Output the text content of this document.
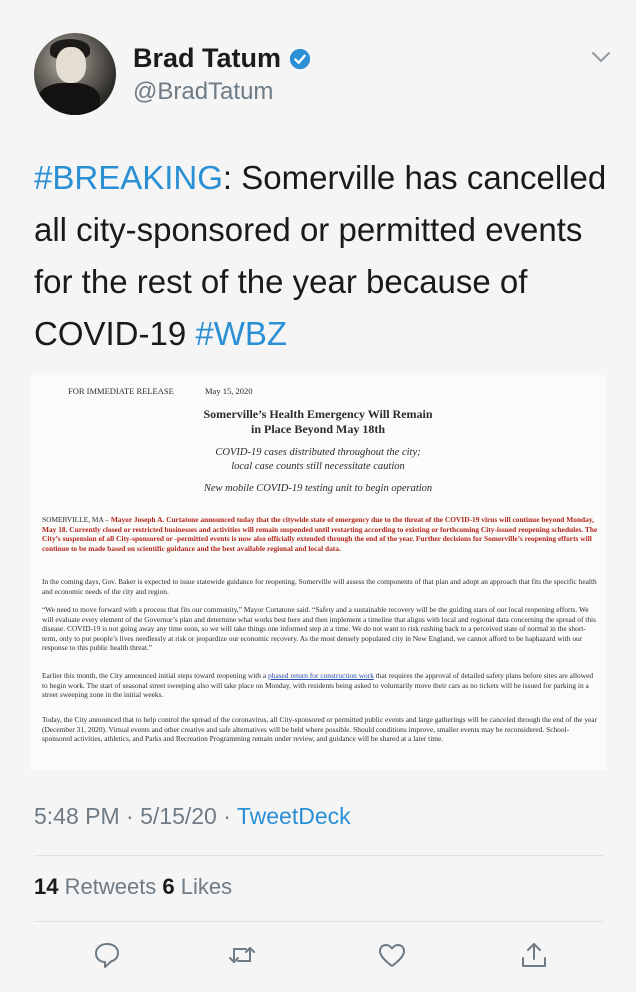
Brad Tatum
@BradTatum
#BREAKING: Somerville has cancelled all city-sponsored or permitted events for the rest of the year because of COVID-19 #WBZ
FOR IMMEDIATE RELEASE	May 15, 2020
Somerville’s Health Emergency Will Remain
in Place Beyond May 18th
COVID-19 cases distributed throughout the city;
local case counts still necessitate caution
New mobile COVID-19 testing unit to begin operation

SOMERVILLE, MA – Mayor Joseph A. Curtatone announced today that the citywide state of emergency due to the threat of the COVID-19 virus will continue beyond Monday, May 18. Currently closed or restricted businesses and activities will remain suspended until restarting according to existing or forthcoming City-issued reopening schedules. The City’s suspension of all City-sponsored or -permitted events is now also officially extended through the end of the year. Further decisions for Somerville’s reopening efforts will continue to be made based on scientific guidance and the best available regional and local data.

In the coming days, Gov. Baker is expected to issue statewide guidance for reopening. Somerville will assess the components of that plan and adopt an approach that fits the specific health and economic needs of the city and region.

“We need to move forward with a process that fits our community,” Mayor Curtatone said. “Safety and a sustainable recovery will be the guiding stars of our local reopening efforts. We will evaluate every element of the Governor’s plan and determine what works best here and then implement a timeline that aligns with local and regional data concerning the spread of this disease. COVID-19 is not going away any time soon, so we will take things one informed step at a time. We do not want to risk rushing back to a perceived state of normal in the short-term, only to put people’s lives needlessly at risk or jeopardize our economic recovery. As the most densely populated city in New England, we cannot afford to be haphazard with our response to this public health threat.”

Earlier this month, the City announced initial steps toward reopening with a phased return for construction work that requires the approval of detailed safety plans before sites are allowed to begin work. The start of seasonal street sweeping also will take place on Monday, with residents being asked to voluntarily move their cars as no tickets will be issued for parking in a street sweeping zone in the initial weeks.

Today, the City announced that to help control the spread of the coronavirus, all City-sponsored or permitted public events and large gatherings will be canceled through the end of the year (December 31, 2020). Virtual events and other creative and safe alternatives will be held where possible. Should conditions improve, smaller events may be reconsidered. School-sponsored activities, athletics, and Parks and Recreation Programming remain under review, and guidance will be shared at a later time.

5:48 PM · 5/15/20 · TweetDeck
14 Retweets 6 Likes
